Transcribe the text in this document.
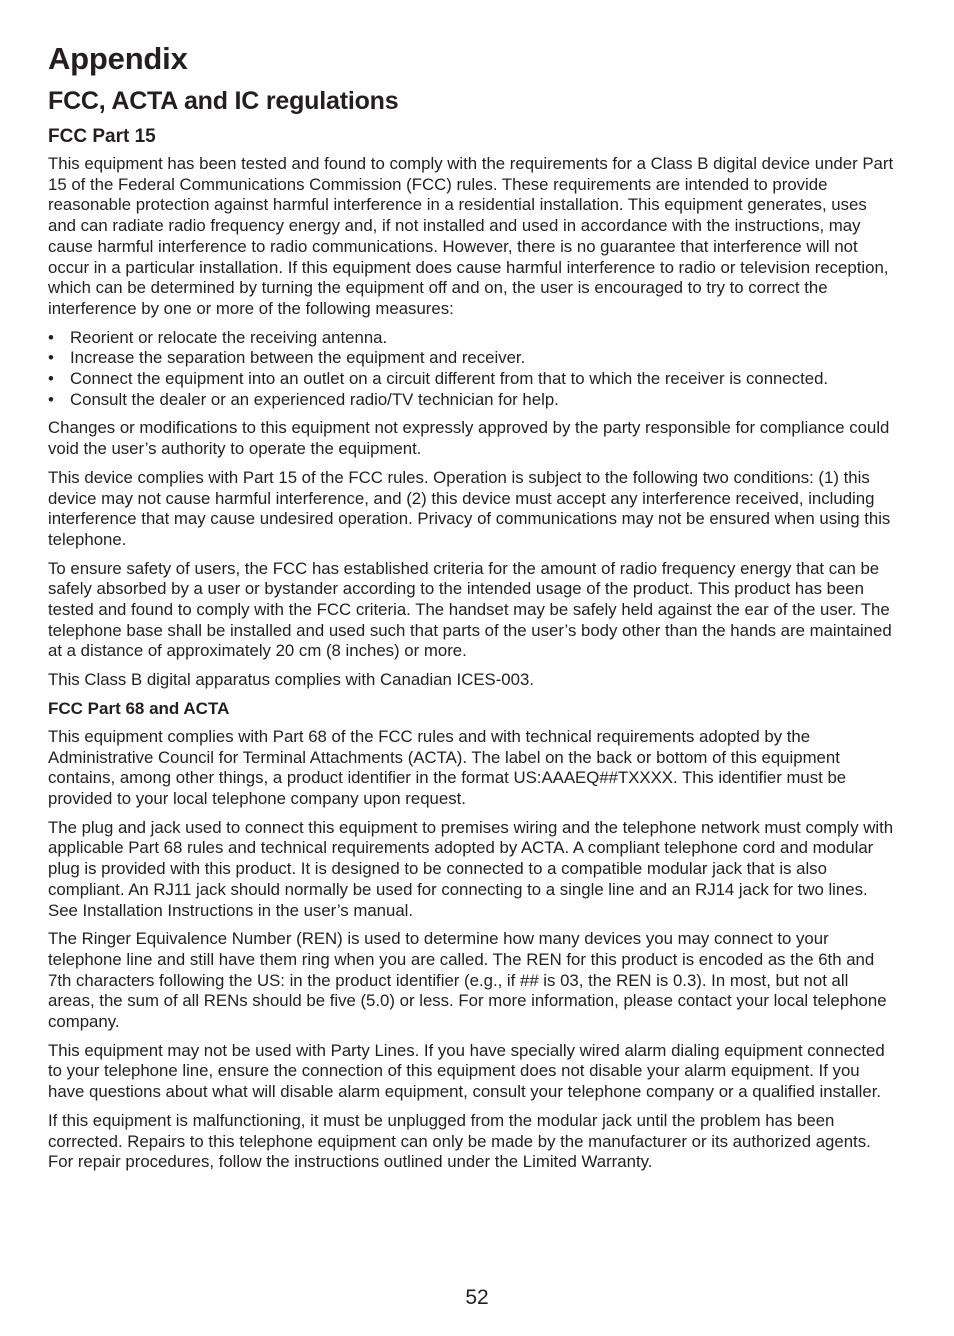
Appendix
FCC, ACTA and IC regulations
FCC Part 15

This equipment has been tested and found to comply with the requirements for a Class B digital device under Part 15 of the Federal Communications Commission (FCC) rules. These requirements are intended to provide reasonable protection against harmful interference in a residential installation. This equipment generates, uses and can radiate radio frequency energy and, if not installed and used in accordance with the instructions, may cause harmful interference to radio communications. However, there is no guarantee that interference will not occur in a particular installation. If this equipment does cause harmful interference to radio or television reception, which can be determined by turning the equipment off and on, the user is encouraged to try to correct the interference by one or more of the following measures:

• Reorient or relocate the receiving antenna.
• Increase the separation between the equipment and receiver.
• Connect the equipment into an outlet on a circuit different from that to which the receiver is connected.
• Consult the dealer or an experienced radio/TV technician for help.

Changes or modifications to this equipment not expressly approved by the party responsible for compliance could void the user’s authority to operate the equipment.

This device complies with Part 15 of the FCC rules. Operation is subject to the following two conditions: (1) this device may not cause harmful interference, and (2) this device must accept any interference received, including interference that may cause undesired operation. Privacy of communications may not be ensured when using this telephone.

To ensure safety of users, the FCC has established criteria for the amount of radio frequency energy that can be safely absorbed by a user or bystander according to the intended usage of the product. This product has been tested and found to comply with the FCC criteria. The handset may be safely held against the ear of the user. The telephone base shall be installed and used such that parts of the user’s body other than the hands are maintained at a distance of approximately 20 cm (8 inches) or more.

This Class B digital apparatus complies with Canadian ICES-003.

FCC Part 68 and ACTA

This equipment complies with Part 68 of the FCC rules and with technical requirements adopted by the Administrative Council for Terminal Attachments (ACTA). The label on the back or bottom of this equipment contains, among other things, a product identifier in the format US:AAAEQ##TXXXX. This identifier must be provided to your local telephone company upon request.

The plug and jack used to connect this equipment to premises wiring and the telephone network must comply with applicable Part 68 rules and technical requirements adopted by ACTA. A compliant telephone cord and modular plug is provided with this product. It is designed to be connected to a compatible modular jack that is also compliant. An RJ11 jack should normally be used for connecting to a single line and an RJ14 jack for two lines. See Installation Instructions in the user’s manual.

The Ringer Equivalence Number (REN) is used to determine how many devices you may connect to your telephone line and still have them ring when you are called. The REN for this product is encoded as the 6th and 7th characters following the US: in the product identifier (e.g., if ## is 03, the REN is 0.3). In most, but not all areas, the sum of all RENs should be five (5.0) or less. For more information, please contact your local telephone company.

This equipment may not be used with Party Lines. If you have specially wired alarm dialing equipment connected to your telephone line, ensure the connection of this equipment does not disable your alarm equipment. If you have questions about what will disable alarm equipment, consult your telephone company or a qualified installer.

If this equipment is malfunctioning, it must be unplugged from the modular jack until the problem has been corrected. Repairs to this telephone equipment can only be made by the manufacturer or its authorized agents. For repair procedures, follow the instructions outlined under the Limited Warranty.

52
